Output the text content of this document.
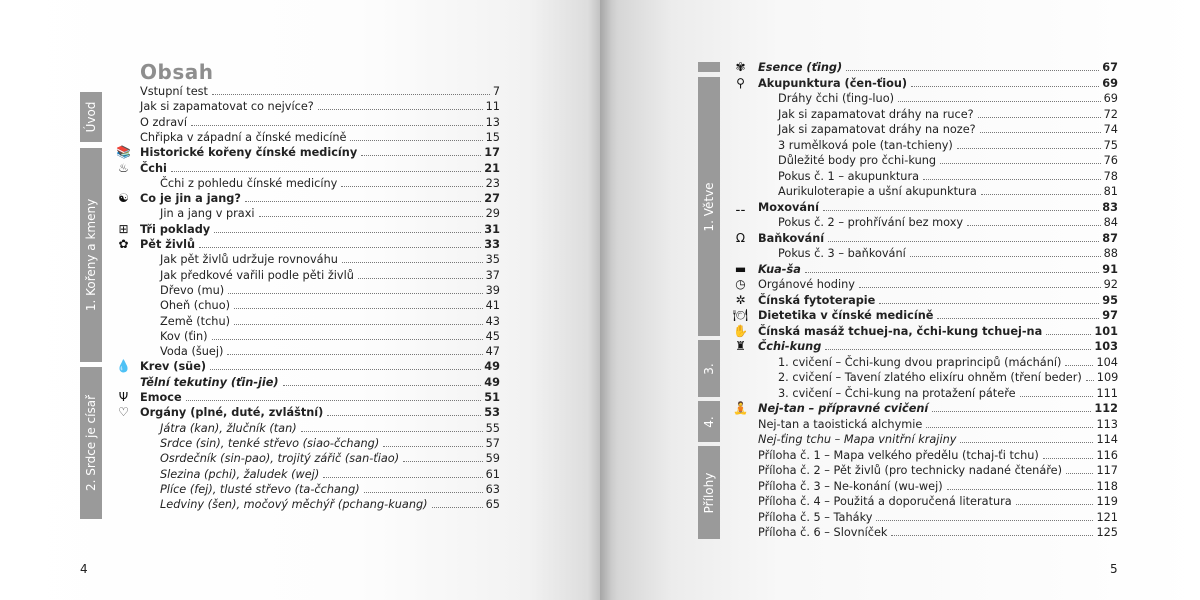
Obsah
Úvod
1. Kořeny a kmeny
2. Srdce je císař
Vstupní test	7
Jak si zapamatovat co nejvíce?	11
O zdraví	13
Chřipka v západní a čínské medicíně	15
📚 Historické kořeny čínské medicíny	17
♨ Čchi	21
Čchi z pohledu čínské medicíny	23
☯ Co je jin a jang?	27
Jin a jang v praxi	29
⊞ Tři poklady	31
✿ Pět živlů	33
Jak pět živlů udržuje rovnováhu	35
Jak předkové vařili podle pěti živlů	37
Dřevo (mu)	39
Oheň (chuo)	41
Země (tchu)	43
Kov (ťin)	45
Voda (šuej)	47
💧 Krev (süe)	49
Tělní tekutiny (ťin-jie)	49
Ψ Emoce	51
♡ Orgány (plné, duté, zvláštní)	53
Játra (kan), žlučník (tan)	55
Srdce (sin), tenké střevo (siao-čchang)	57
Osrdečník (sin-pao), trojitý zářič (san-ťiao)	59
Slezina (pchi), žaludek (wej)	61
Plíce (fej), tlusté střevo (ta-čchang)	63
Ledviny (šen), močový měchýř (pchang-kuang)	65
4
1. Větve
3.
4.
Přílohy
✾ Esence (ťing)	67
⚲ Akupunktura (čen-ťiou)	69
Dráhy čchi (ťing-luo)	69
Jak si zapamatovat dráhy na ruce?	72
Jak si zapamatovat dráhy na noze?	74
3 rumělková pole (tan-tchieny)	75
Důležité body pro čchi-kung	76
Pokus č. 1 – akupunktura	78
Aurikuloterapie a ušní akupunktura	81
⚋ Moxování	83
Pokus č. 2 – prohřívání bez moxy	84
Ω Baňkování	87
Pokus č. 3 – baňkování	88
▬ Kua-ša	91
◷ Orgánové hodiny	92
✲ Čínská fytoterapie	95
🍽 Dietetika v čínské medicíně	97
✋ Čínská masáž tchuej-na, čchi-kung tchuej-na	101
♜ Čchi-kung	103
1. cvičení – Čchi-kung dvou praprincipů (máchání)	104
2. cvičení – Tavení zlatého elixíru ohněm (tření beder) 109
3. cvičení – Čchi-kung na protažení páteře	111
🧘 Nej-tan – přípravné cvičení	112
Nej-tan a taoistická alchymie	113
Nej-ťing tchu – Mapa vnitřní krajiny	114
Příloha č. 1 – Mapa velkého předělu (tchaj-ťi tchu)	116
Příloha č. 2 – Pět živlů (pro technicky nadané čtenáře)	117
Příloha č. 3 – Ne-konání (wu-wej)	118
Příloha č. 4 – Použitá a doporučená literatura	119
Příloha č. 5 – Taháky	121
Příloha č. 6 – Slovníček	125
5
